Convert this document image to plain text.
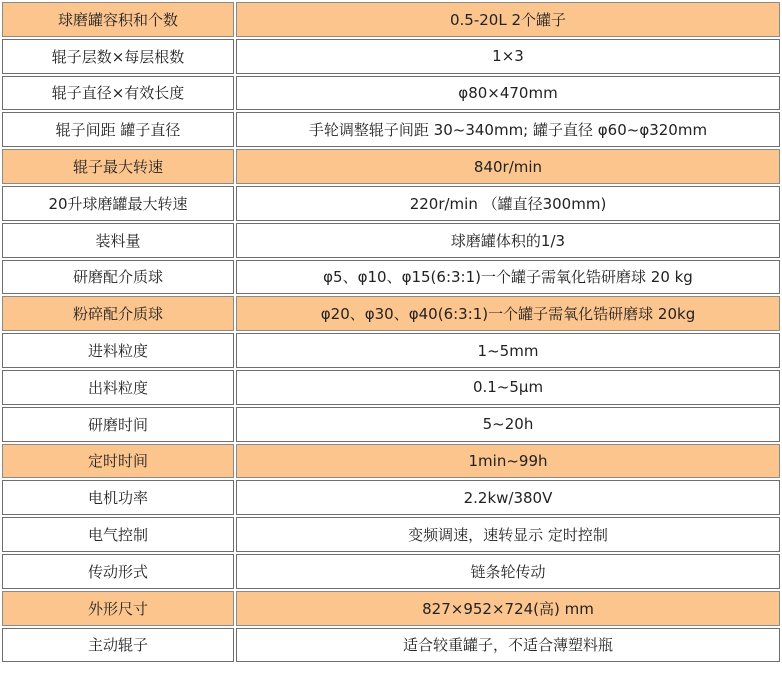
球磨罐容积和个数	0.5-20L 2个罐子
辊子层数×每层根数	1×3
辊子直径×有效长度	φ80×470mm
辊子间距 罐子直径	手轮调整辊子间距 30~340mm; 罐子直径 φ60~φ320mm
辊子最大转速	840r/min
20升球磨罐最大转速	220r/min （罐直径300mm)
装料量	球磨罐体积的1/3
研磨配介质球	φ5、φ10、φ15(6:3:1)一个罐子需氧化锆研磨球 20 kg
粉碎配介质球	φ20、φ30、φ40(6:3:1)一个罐子需氧化锆研磨球 20kg
进料粒度	1~5mm
出料粒度	0.1~5μm
研磨时间	5~20h
定时时间	1min~99h
电机功率	2.2kw/380V
电气控制	变频调速，速转显示 定时控制
传动形式	链条轮传动
外形尺寸	827×952×724(高) mm
主动辊子	适合较重罐子，不适合薄塑料瓶
